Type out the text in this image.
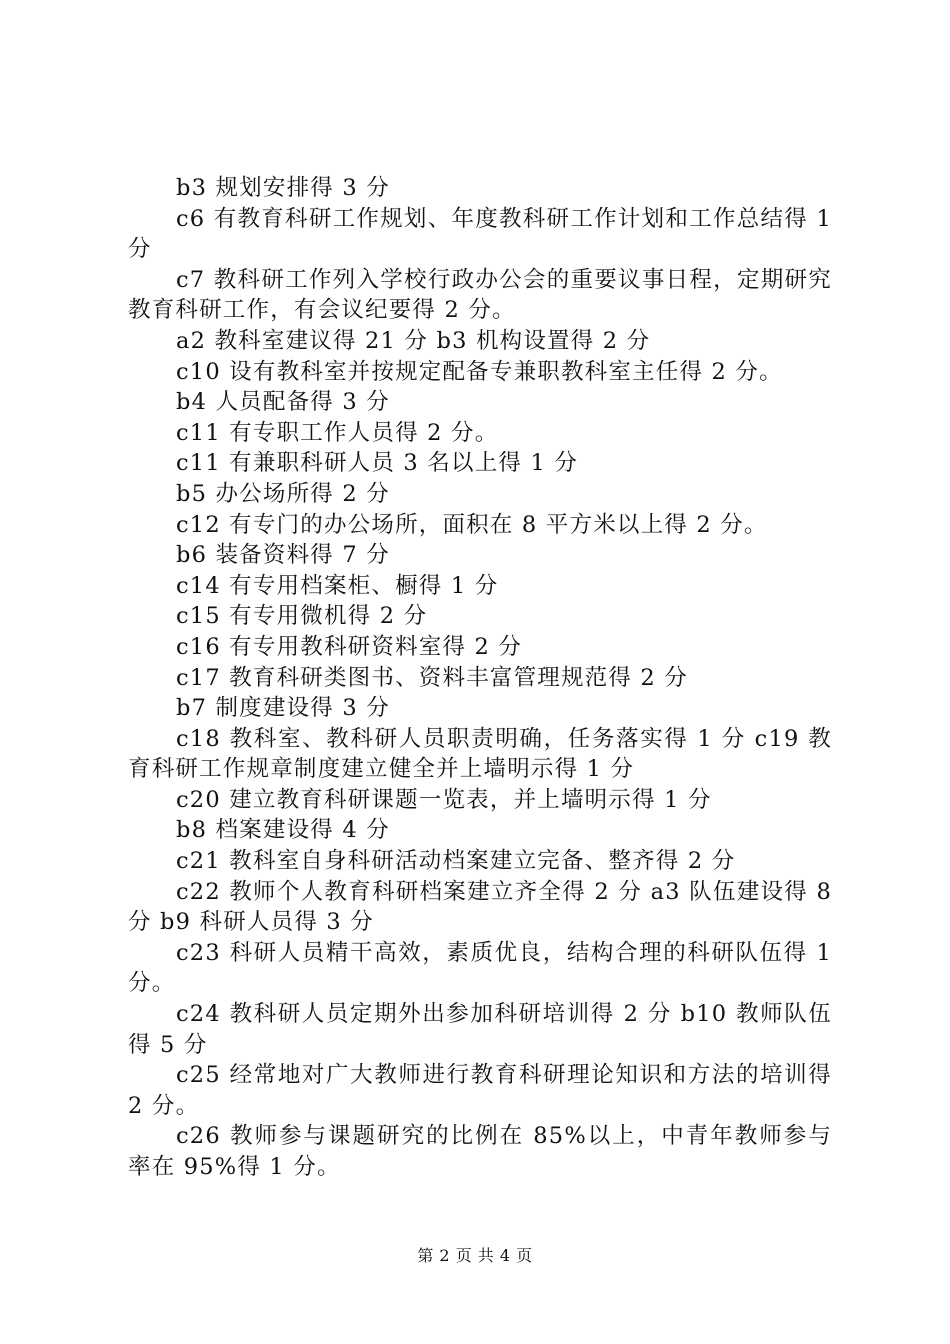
b3 规划安排得 3 分

c6 有教育科研工作规划、年度教科研工作计划和工作总结得 1 分

c7 教科研工作列入学校行政办公会的重要议事日程，定期研究教育科研工作，有会议纪要得 2 分。

a2 教科室建议得 21 分 b3 机构设置得 2 分

c10 设有教科室并按规定配备专兼职教科室主任得 2 分。

b4 人员配备得 3 分

c11 有专职工作人员得 2 分。

c11 有兼职科研人员 3 名以上得 1 分

b5 办公场所得 2 分

c12 有专门的办公场所，面积在 8 平方米以上得 2 分。

b6 装备资料得 7 分

c14 有专用档案柜、橱得 1 分

c15 有专用微机得 2 分

c16 有专用教科研资料室得 2 分

c17 教育科研类图书、资料丰富管理规范得 2 分

b7 制度建设得 3 分

c18 教科室、教科研人员职责明确，任务落实得 1 分 c19 教育科研工作规章制度建立健全并上墙明示得 1 分

c20 建立教育科研课题一览表，并上墙明示得 1 分

b8 档案建设得 4 分

c21 教科室自身科研活动档案建立完备、整齐得 2 分

c22 教师个人教育科研档案建立齐全得 2 分 a3 队伍建设得 8 分 b9 科研人员得 3 分

c23 科研人员精干高效，素质优良，结构合理的科研队伍得 1 分。

c24 教科研人员定期外出参加科研培训得 2 分 b10 教师队伍得 5 分

c25 经常地对广大教师进行教育科研理论知识和方法的培训得 2 分。

c26 教师参与课题研究的比例在 85%以上，中青年教师参与率在 95%得 1 分。

第 2 页 共 4 页
